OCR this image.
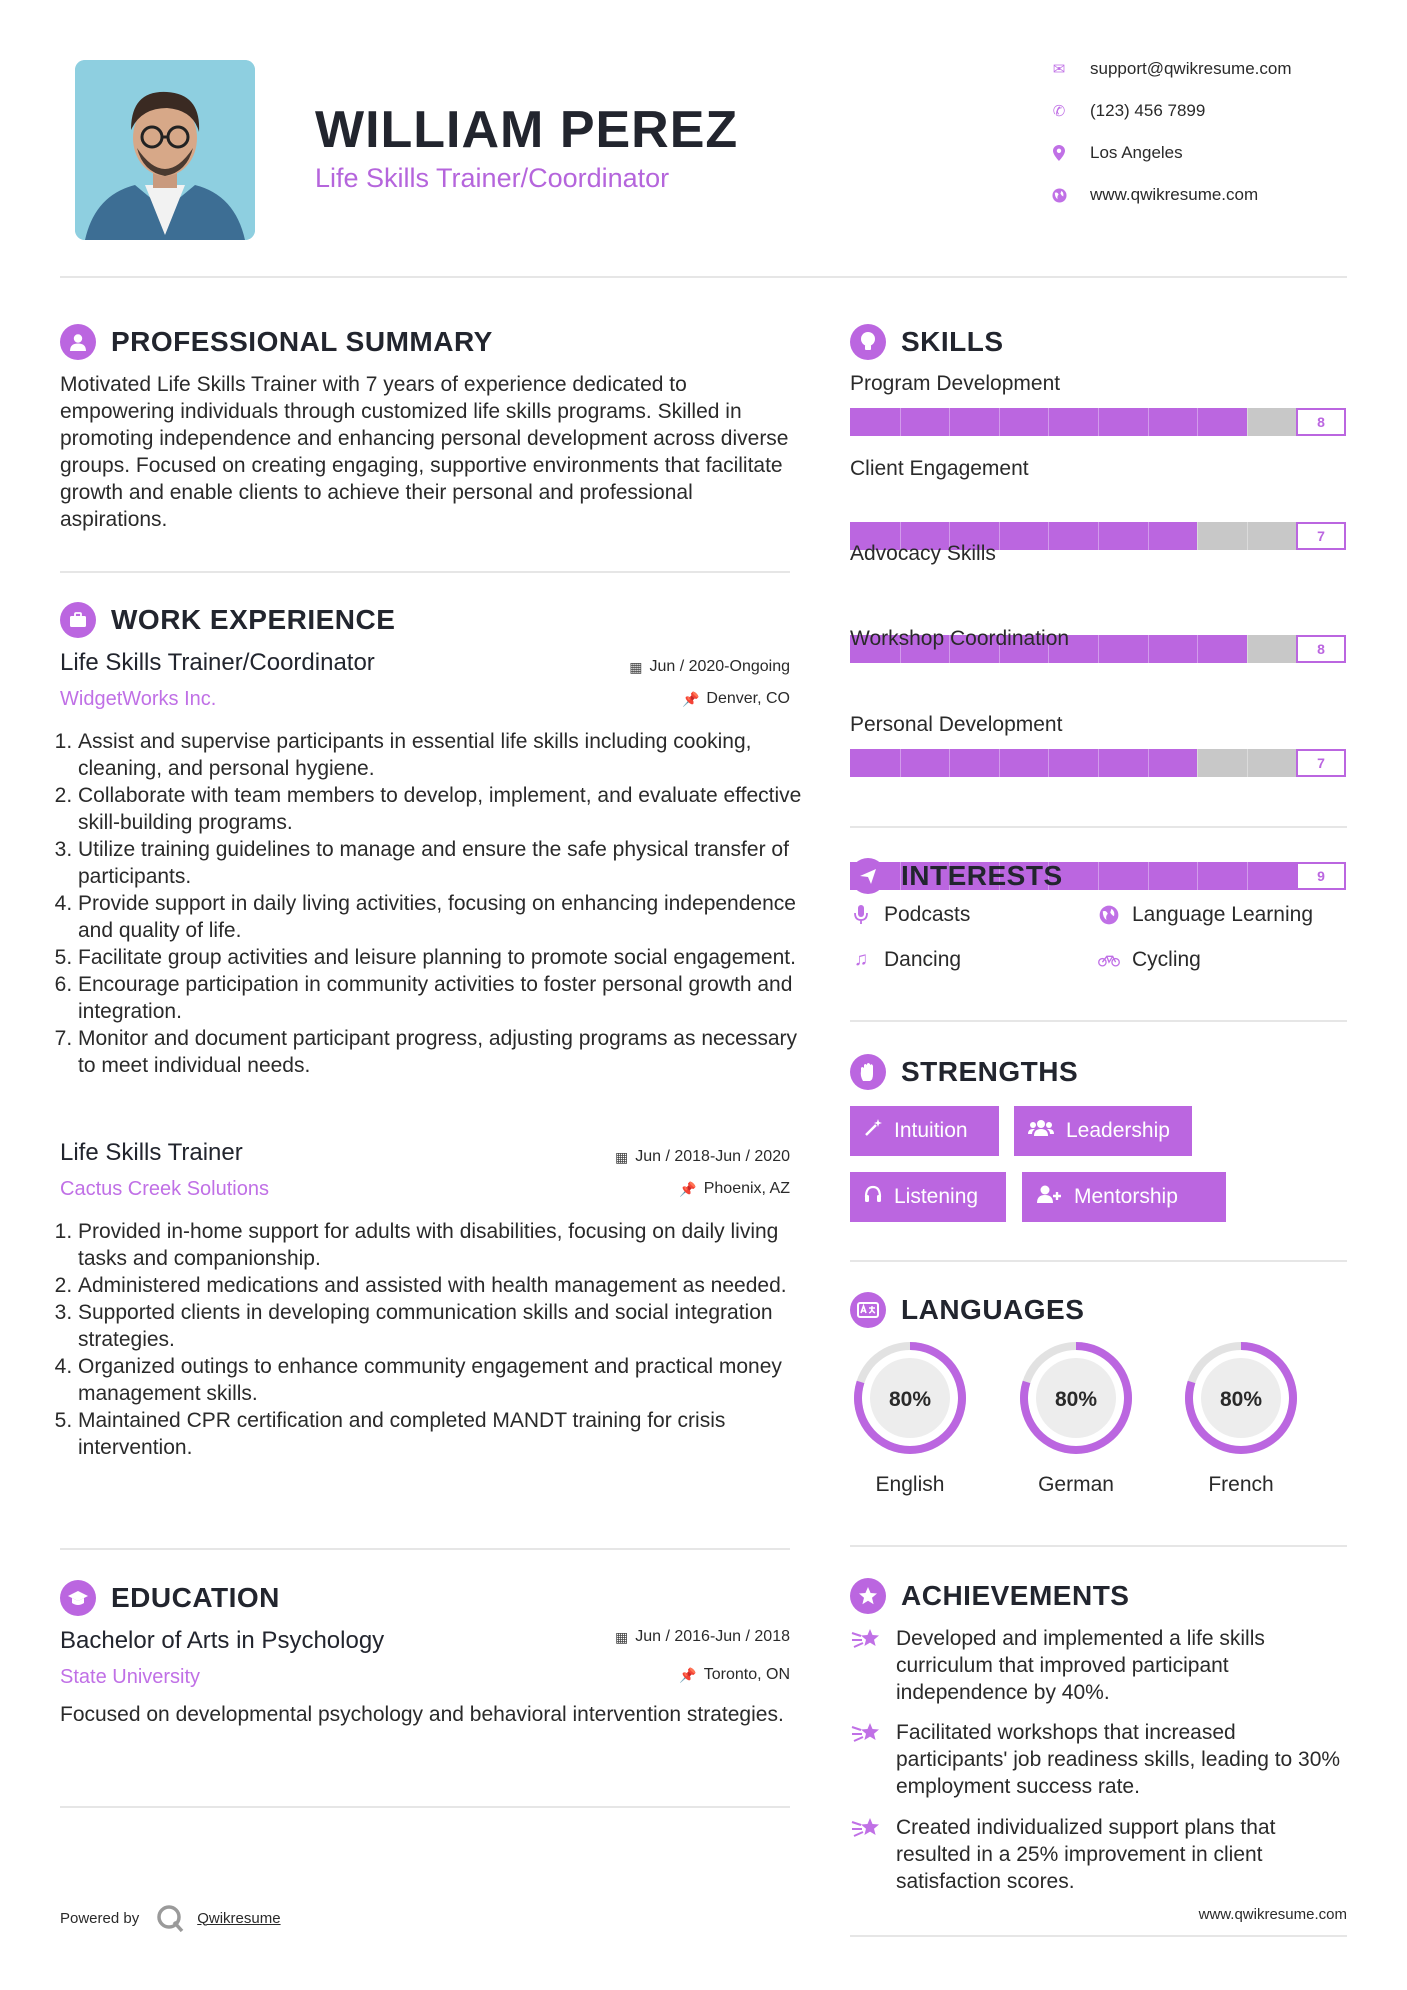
WILLIAM PEREZ
Life Skills Trainer/Coordinator
✉ support@qwikresume.com
✆ (123) 456 7899
Los Angeles
www.qwikresume.com
PROFESSIONAL SUMMARY
Motivated Life Skills Trainer with 7 years of experience dedicated to empowering individuals through customized life skills programs. Skilled in promoting independence and enhancing personal development across diverse groups. Focused on creating engaging, supportive environments that facilitate growth and enable clients to achieve their personal and professional aspirations.
WORK EXPERIENCE
Life Skills Trainer/Coordinator	▦ Jun / 2020-Ongoing
WidgetWorks Inc.	📌 Denver, CO
1. Assist and supervise participants in essential life skills including cooking, cleaning, and personal hygiene.
2. Collaborate with team members to develop, implement, and evaluate effective skill-building programs.
3. Utilize training guidelines to manage and ensure the safe physical transfer of participants.
4. Provide support in daily living activities, focusing on enhancing independence and quality of life.
5. Facilitate group activities and leisure planning to promote social engagement.
6. Encourage participation in community activities to foster personal growth and integration.
7. Monitor and document participant progress, adjusting programs as necessary to meet individual needs.
Life Skills Trainer	▦ Jun / 2018-Jun / 2020
Cactus Creek Solutions	📌 Phoenix, AZ
1. Provided in-home support for adults with disabilities, focusing on daily living tasks and companionship.
2. Administered medications and assisted with health management as needed.
3. Supported clients in developing communication skills and social integration strategies.
4. Organized outings to enhance community engagement and practical money management skills.
5. Maintained CPR certification and completed MANDT training for crisis intervention.
EDUCATION
Bachelor of Arts in Psychology	▦ Jun / 2016-Jun / 2018
State University	📌 Toronto, ON
Focused on developmental psychology and behavioral intervention strategies.
SKILLS
Program Development
8
Client Engagement
7
Advocacy Skills
8
Workshop Coordination
7
Personal Development
9
INTERESTS
Podcasts	Language Learning
♫ Dancing	Cycling
STRENGTHS
Intuition	Leadership
Listening	Mentorship
LANGUAGES
80%
English
80%
German
80%
French
ACHIEVEMENTS
Developed and implemented a life skills curriculum that improved participant independence by 40%.
Facilitated workshops that increased participants' job readiness skills, leading to 30% employment success rate.
Created individualized support plans that resulted in a 25% improvement in client satisfaction scores.
Powered by	Qwikresume	www.qwikresume.com
